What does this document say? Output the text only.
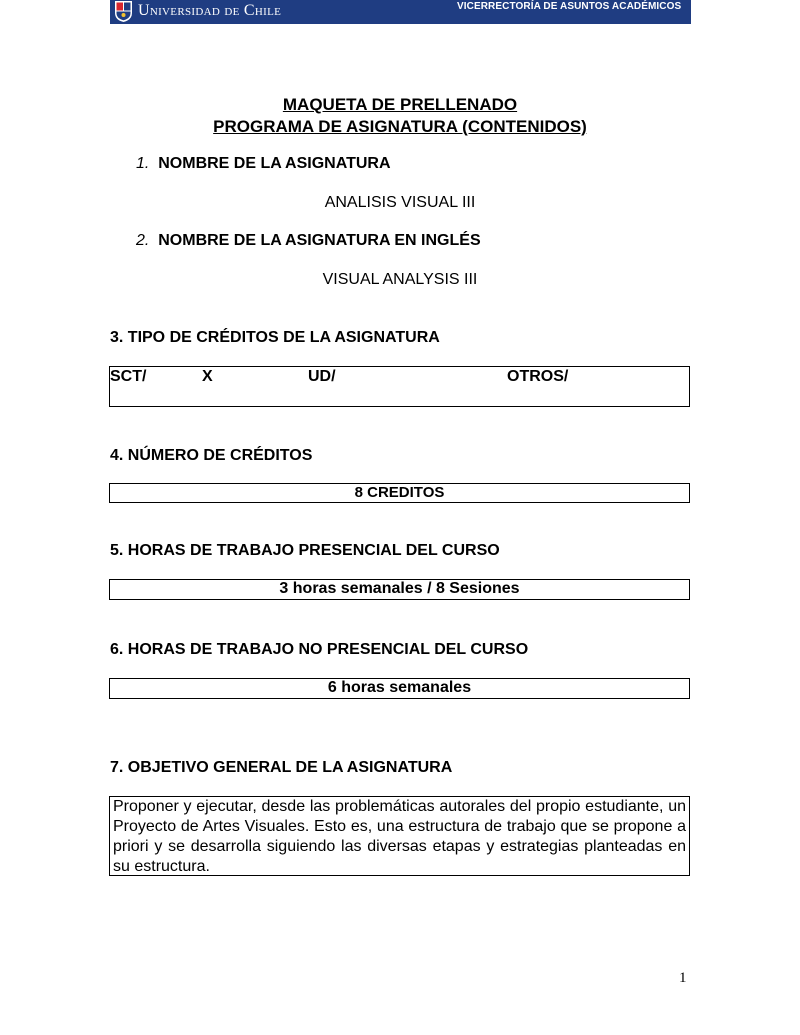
Universidad de Chile	VICERRECTORÍA DE ASUNTOS ACADÉMICOS
MAQUETA DE PRELLENADO
PROGRAMA DE ASIGNATURA (CONTENIDOS)
1. NOMBRE DE LA ASIGNATURA
ANALISIS VISUAL III
2. NOMBRE DE LA ASIGNATURA EN INGLÉS
VISUAL ANALYSIS III
3. TIPO DE CRÉDITOS DE LA ASIGNATURA
SCT/	X	UD/	OTROS/
4. NÚMERO DE CRÉDITOS
8 CREDITOS
5. HORAS DE TRABAJO PRESENCIAL DEL CURSO
3 horas semanales / 8 Sesiones
6. HORAS DE TRABAJO NO PRESENCIAL DEL CURSO
6 horas semanales
7. OBJETIVO GENERAL DE LA ASIGNATURA
Proponer y ejecutar, desde las problemáticas autorales del propio estudiante, un Proyecto de Artes Visuales. Esto es, una estructura de trabajo que se propone a priori y se desarrolla siguiendo las diversas etapas y estrategias planteadas en su estructura.
1
